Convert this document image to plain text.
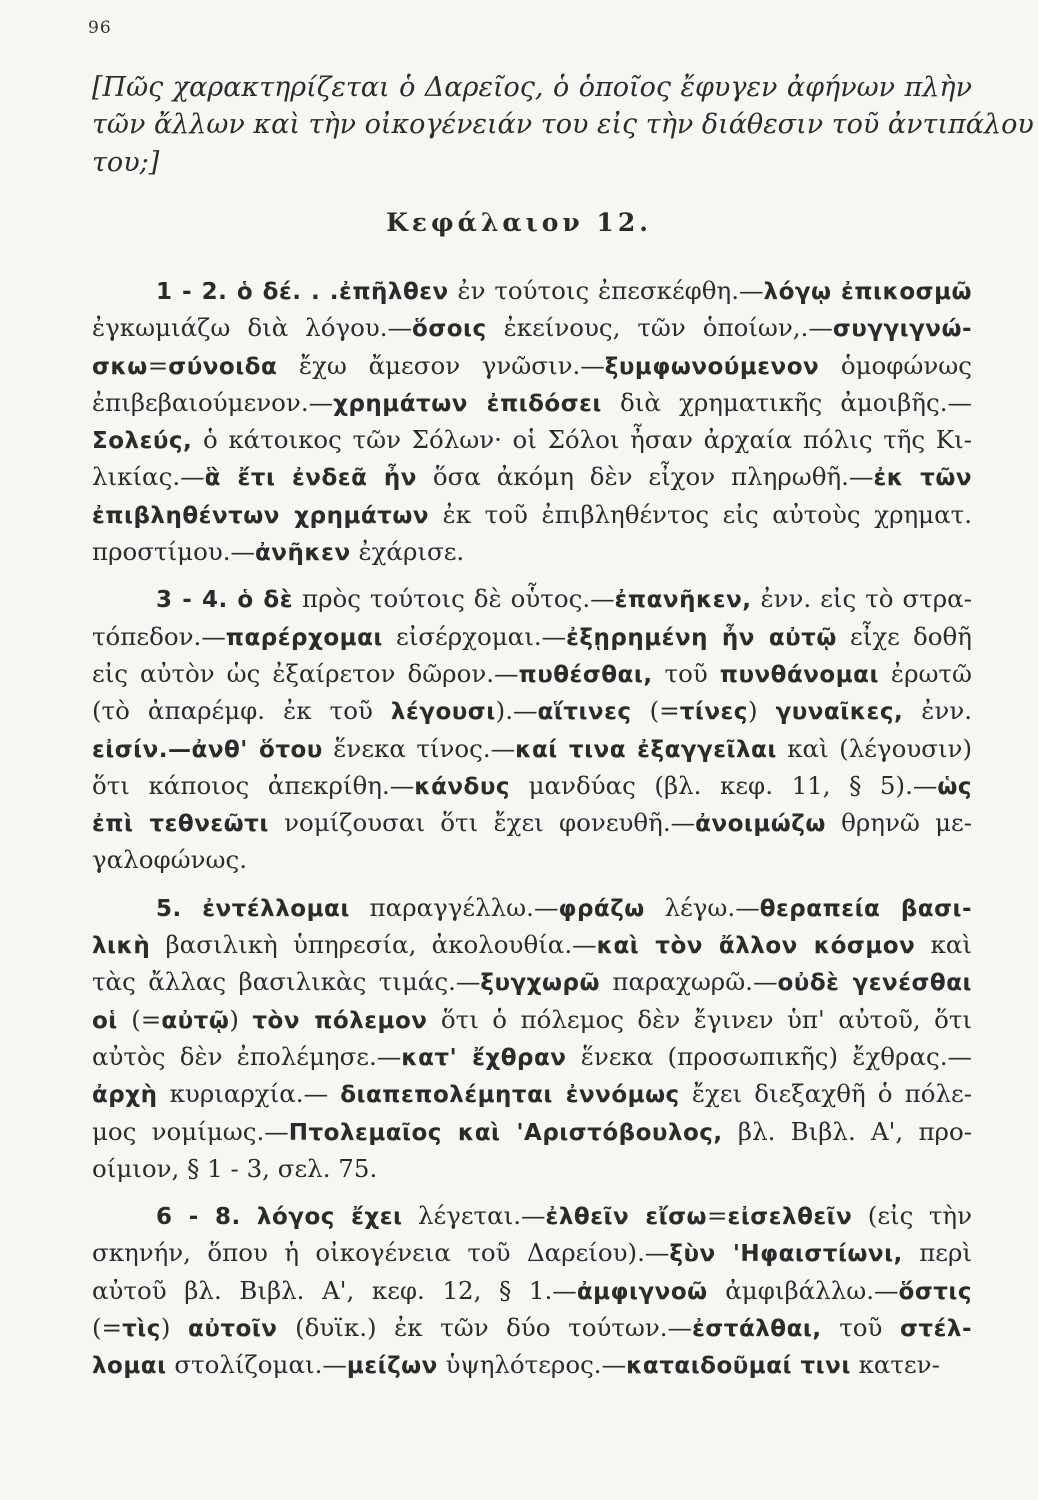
96

[Πῶς χαρακτηρίζεται ὁ Δαρεῖος, ὁ ὁποῖος ἔφυγεν ἀφήνων πλὴν
τῶν ἄλλων καὶ τὴν οἰκογένειάν του εἰς τὴν διάθεσιν τοῦ ἀντιπάλου
του;]

Κεφάλαιον 12.

1 - 2. ὁ δέ. . .ἐπῆλθεν ἐν τούτοις ἐπεσκέφθη.—λόγῳ ἐπικοσμῶ
ἐγκωμιάζω διὰ λόγου.—ὅσοις ἐκείνους, τῶν ὁποίων,.—συγγιγνώ-
σκω=σύνοιδα ἔχω ἄμεσον γνῶσιν.—ξυμφωνούμενον ὁμοφώνως
ἐπιβεβαιούμενον.—χρημάτων ἐπιδόσει διὰ χρηματικῆς ἀμοιβῆς.—
Σολεύς, ὁ κάτοικος τῶν Σόλων· οἱ Σόλοι ἦσαν ἀρχαία πόλις τῆς Κι-
λικίας.—ἃ ἔτι ἐνδεᾶ ἦν ὅσα ἀκόμη δὲν εἶχον πληρωθῆ.—ἐκ τῶν
ἐπιβληθέντων χρημάτων ἐκ τοῦ ἐπιβληθέντος εἰς αὐτοὺς χρηματ.
προστίμου.—ἀνῆκεν ἐχάρισε.

3 - 4. ὁ δὲ πρὸς τούτοις δὲ οὗτος.—ἐπανῆκεν, ἐνν. εἰς τὸ στρα-
τόπεδον.—παρέρχομαι εἰσέρχομαι.—ἐξῃρημένη ἦν αὐτῷ εἶχε δοθῆ
εἰς αὐτὸν ὡς ἐξαίρετον δῶρον.—πυθέσθαι, τοῦ πυνθάνομαι ἐρωτῶ
(τὸ ἀπαρέμφ. ἐκ τοῦ λέγουσι).—αἵτινες (=τίνες) γυναῖκες, ἐνν.
εἰσίν.—ἀνθ' ὅτου ἕνεκα τίνος.—καί τινα ἐξαγγεῖλαι καὶ (λέγουσιν)
ὅτι κάποιος ἀπεκρίθη.—κάνδυς μανδύας (βλ. κεφ. 11, § 5).—ὡς
ἐπὶ τεθνεῶτι νομίζουσαι ὅτι ἔχει φονευθῆ.—ἀνοιμώζω θρηνῶ με-
γαλοφώνως.

5. ἐντέλλομαι παραγγέλλω.—φράζω λέγω.—θεραπεία βασι-
λικὴ βασιλικὴ ὑπηρεσία, ἀκολουθία.—καὶ τὸν ἄλλον κόσμον καὶ
τὰς ἄλλας βασιλικὰς τιμάς.—ξυγχωρῶ παραχωρῶ.—οὐδὲ γενέσθαι
οἱ (=αὐτῷ) τὸν πόλεμον ὅτι ὁ πόλεμος δὲν ἔγινεν ὑπ' αὐτοῦ, ὅτι
αὐτὸς δὲν ἐπολέμησε.—κατ' ἔχθραν ἕνεκα (προσωπικῆς) ἔχθρας.—
ἀρχὴ κυριαρχία.— διαπεπολέμηται ἐννόμως ἔχει διεξαχθῆ ὁ πόλε-
μος νομίμως.—Πτολεμαῖος καὶ 'Αριστόβουλος, βλ. Βιβλ. Α', προ-
οίμιον, § 1 - 3, σελ. 75.

6 - 8. λόγος ἔχει λέγεται.—ἐλθεῖν εἴσω=εἰσελθεῖν (εἰς τὴν
σκηνήν, ὅπου ἡ οἰκογένεια τοῦ Δαρείου).—ξὺν 'Ηφαιστίωνι, περὶ
αὐτοῦ βλ. Βιβλ. Α', κεφ. 12, § 1.—ἀμφιγνοῶ ἀμφιβάλλω.—ὅστις
(=τὶς) αὐτοῖν (δυϊκ.) ἐκ τῶν δύο τούτων.—ἐστάλθαι, τοῦ στέλ-
λομαι στολίζομαι.—μείζων ὑψηλότερος.—καταιδοῦμαί τινι κατεν-
